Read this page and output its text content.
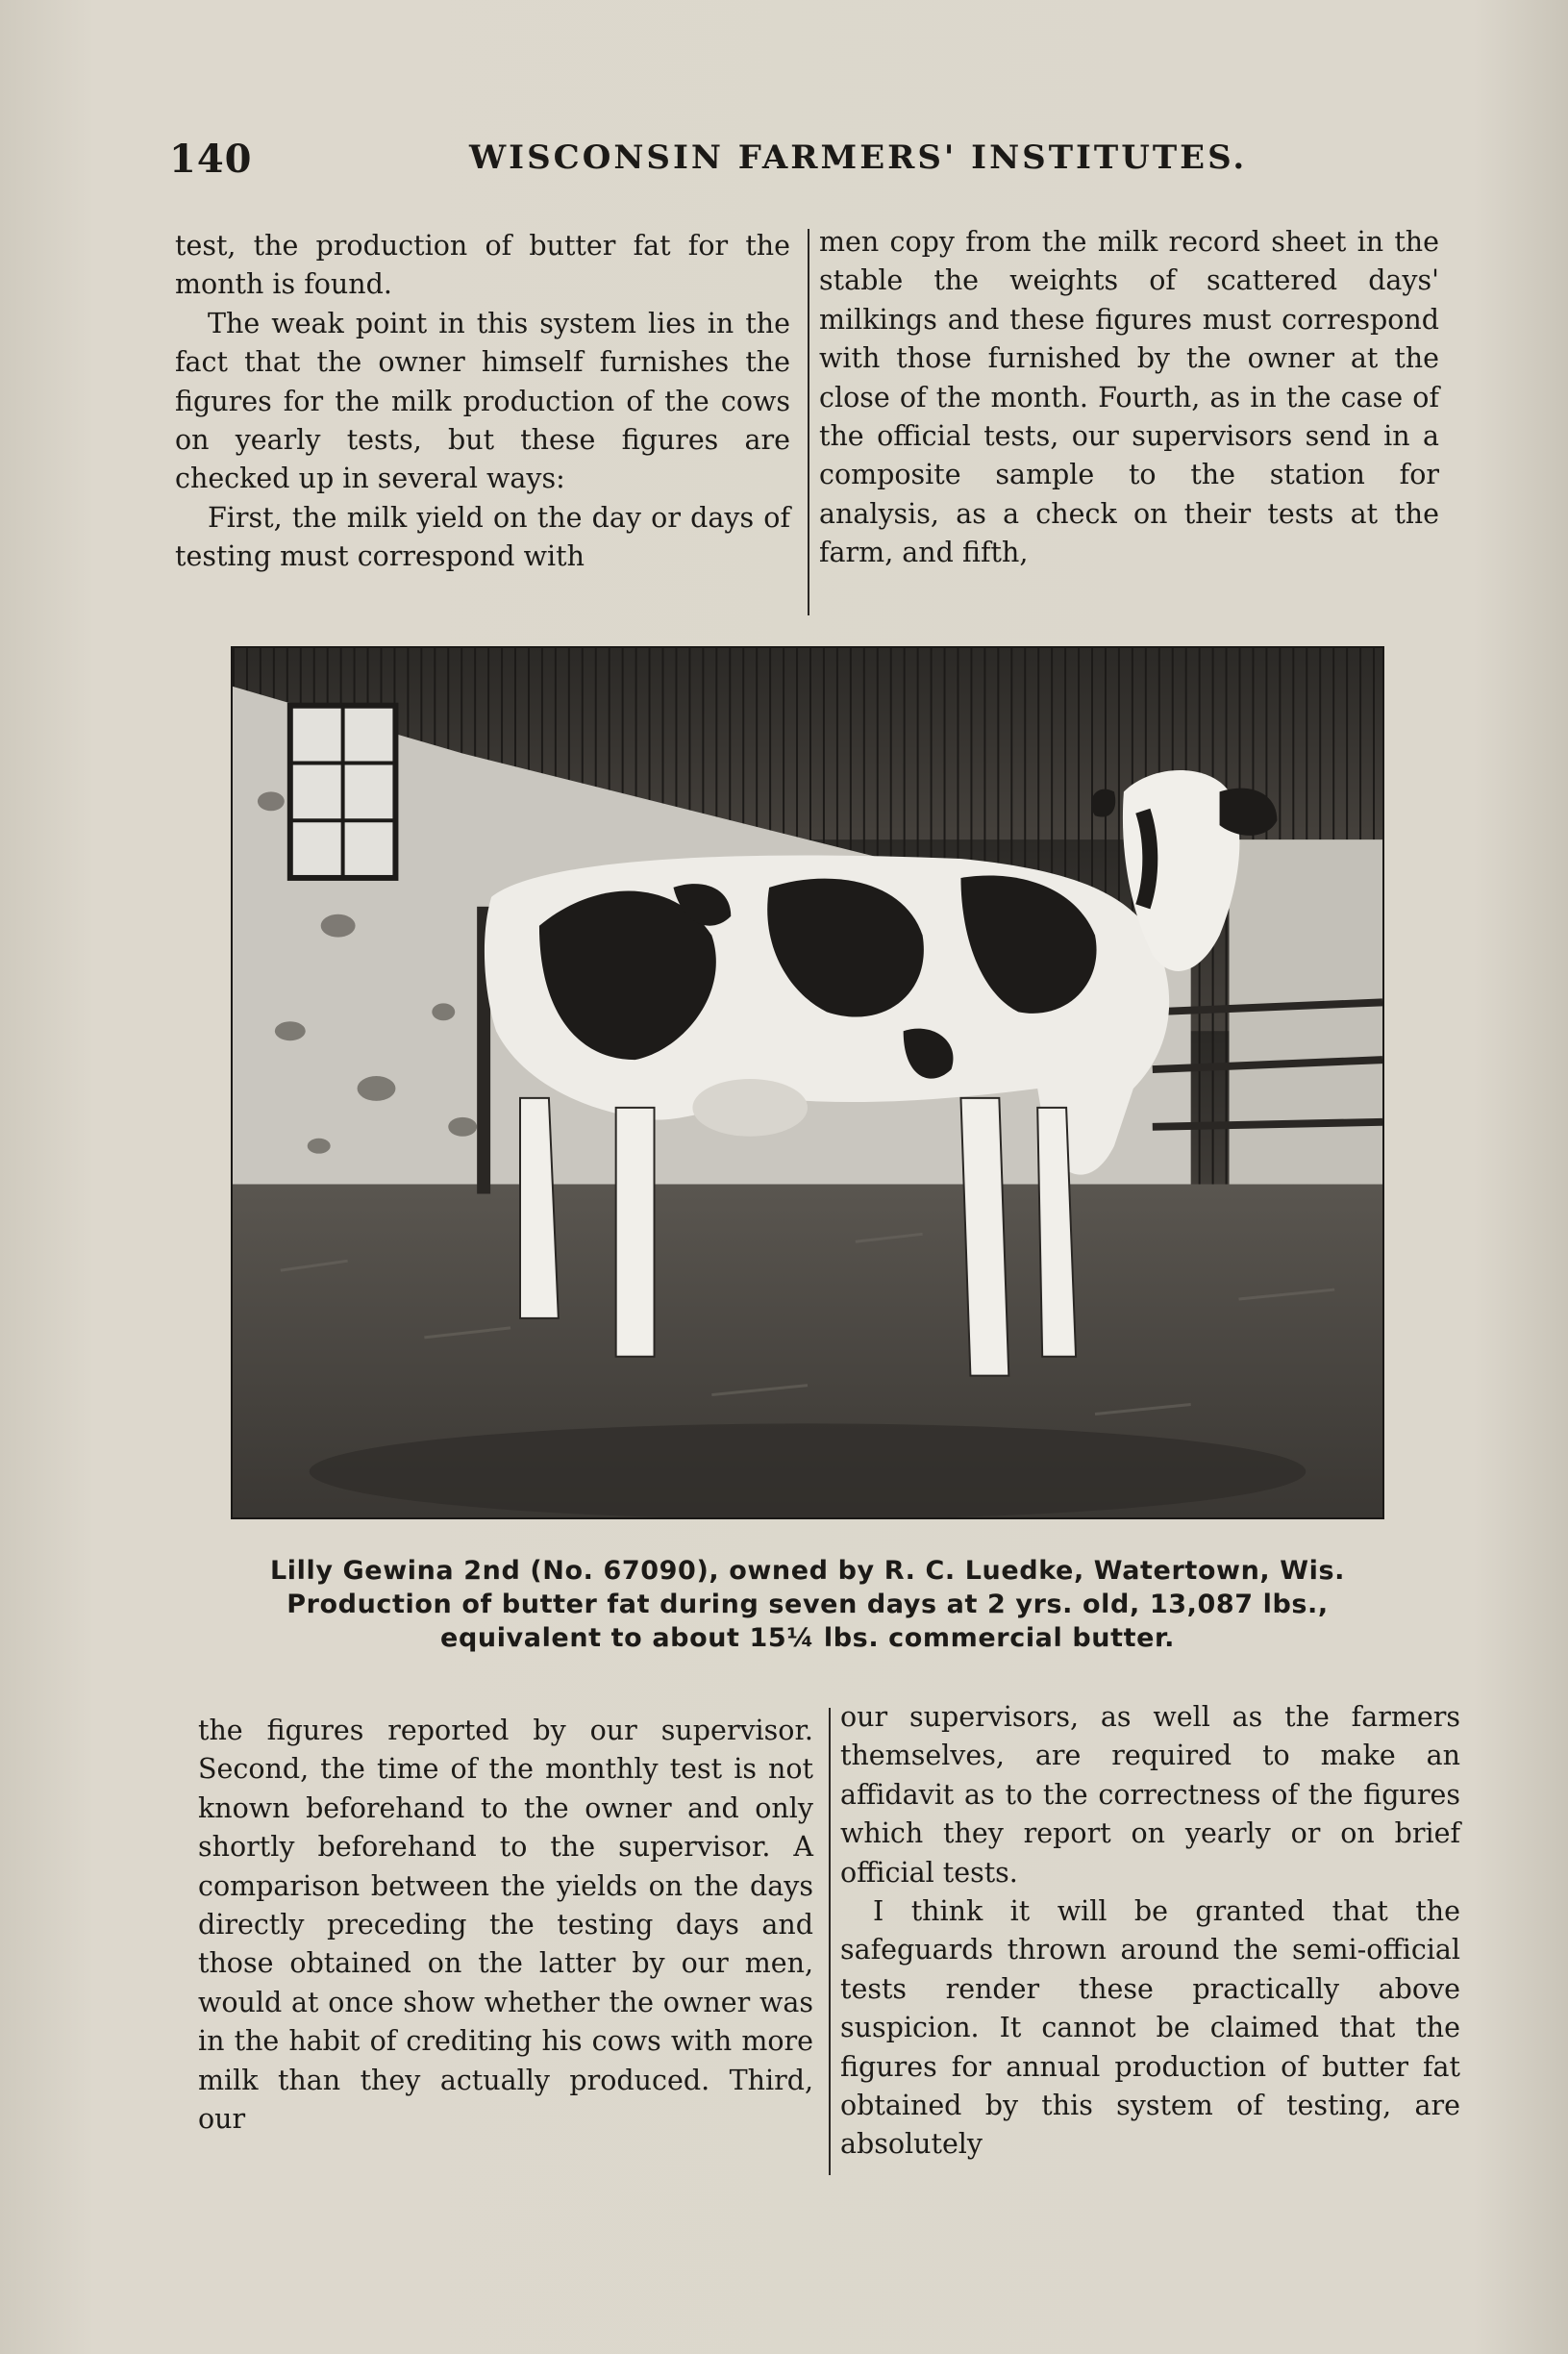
140	WISCONSIN FARMERS' INSTITUTES.

test, the production of butter fat for the month is found.

The weak point in this system lies in the fact that the owner himself furnishes the figures for the milk production of the cows on yearly tests, but these figures are checked up in several ways:

First, the milk yield on the day or days of testing must correspond with

men copy from the milk record sheet in the stable the weights of scattered days' milkings and these figures must correspond with those furnished by the owner at the close of the month. Fourth, as in the case of the official tests, our supervisors send in a composite sample to the station for analysis, as a check on their tests at the farm, and fifth,

Lilly Gewina 2nd (No. 67090), owned by R. C. Luedke, Watertown, Wis.
Production of butter fat during seven days at 2 yrs. old, 13,087 lbs.,
equivalent to about 15¼ lbs. commercial butter.

the figures reported by our supervisor. Second, the time of the monthly test is not known beforehand to the owner and only shortly beforehand to the supervisor. A comparison between the yields on the days directly preceding the testing days and those obtained on the latter by our men, would at once show whether the owner was in the habit of crediting his cows with more milk than they actually produced. Third, our

our supervisors, as well as the farmers themselves, are required to make an affidavit as to the correctness of the figures which they report on yearly or on brief official tests.

I think it will be granted that the safeguards thrown around the semi-official tests render these practically above suspicion. It cannot be claimed that the figures for annual production of butter fat obtained by this system of testing, are absolutely
